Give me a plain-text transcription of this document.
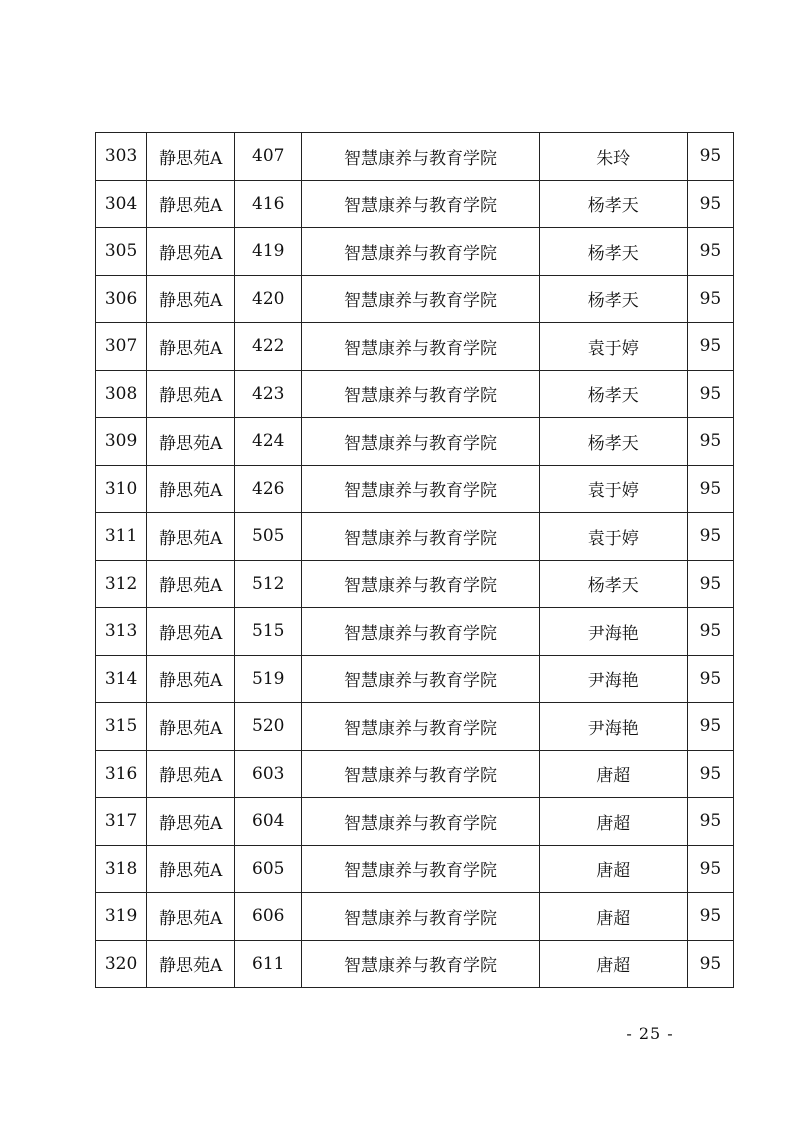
303	静思苑A	407	智慧康养与教育学院	朱玲	95
304	静思苑A	416	智慧康养与教育学院	杨孝天	95
305	静思苑A	419	智慧康养与教育学院	杨孝天	95
306	静思苑A	420	智慧康养与教育学院	杨孝天	95
307	静思苑A	422	智慧康养与教育学院	袁于婷	95
308	静思苑A	423	智慧康养与教育学院	杨孝天	95
309	静思苑A	424	智慧康养与教育学院	杨孝天	95
310	静思苑A	426	智慧康养与教育学院	袁于婷	95
311	静思苑A	505	智慧康养与教育学院	袁于婷	95
312	静思苑A	512	智慧康养与教育学院	杨孝天	95
313	静思苑A	515	智慧康养与教育学院	尹海艳	95
314	静思苑A	519	智慧康养与教育学院	尹海艳	95
315	静思苑A	520	智慧康养与教育学院	尹海艳	95
316	静思苑A	603	智慧康养与教育学院	唐超	95
317	静思苑A	604	智慧康养与教育学院	唐超	95
318	静思苑A	605	智慧康养与教育学院	唐超	95
319	静思苑A	606	智慧康养与教育学院	唐超	95
320	静思苑A	611	智慧康养与教育学院	唐超	95
- 25 -
